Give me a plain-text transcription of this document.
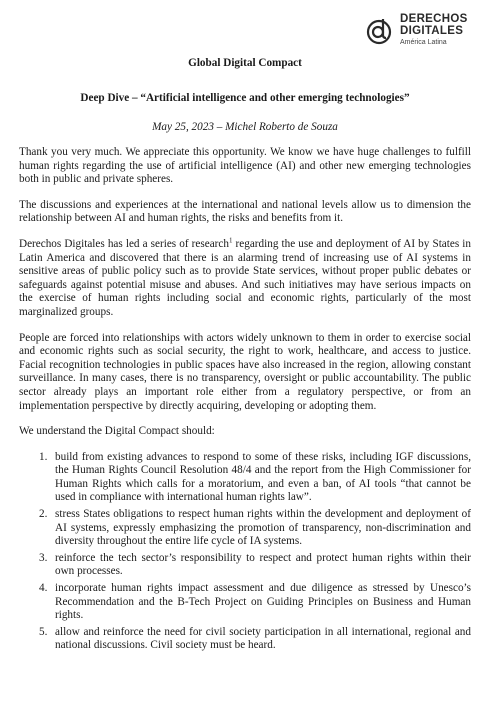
DERECHOS
DIGITALES
América Latina
Global Digital Compact
Deep Dive – “Artificial intelligence and other emerging technologies”
May 25, 2023 – Michel Roberto de Souza

Thank you very much. We appreciate this opportunity. We know we have huge challenges to fulfill human rights regarding the use of artificial intelligence (AI) and other new emerging technologies both in public and private spheres.

The discussions and experiences at the international and national levels allow us to dimension the relationship between AI and human rights, the risks and benefits from it.

Derechos Digitales has led a series of research$^1$ regarding the use and deployment of AI by States in Latin America and discovered that there is an alarming trend of increasing use of AI systems in sensitive areas of public policy such as to provide State services, without proper public debates or safeguards against potential misuse and abuses. And such initiatives may have serious impacts on the exercise of human rights including social and economic rights, particularly of the most marginalized groups.

People are forced into relationships with actors widely unknown to them in order to exercise social and economic rights such as social security, the right to work, healthcare, and access to justice. Facial recognition technologies in public spaces have also increased in the region, allowing constant surveillance. In many cases, there is no transparency, oversight or public accountability. The public sector already plays an important role either from a regulatory perspective, or from an implementation perspective by directly acquiring, developing or adopting them.

We understand the Digital Compact should:

1. build from existing advances to respond to some of these risks, including IGF discussions, the Human Rights Council Resolution 48/4 and the report from the High Commissioner for Human Rights which calls for a moratorium, and even a ban, of AI tools “that cannot be used in compliance with international human rights law”.
2. stress States obligations to respect human rights within the development and deployment of AI systems, expressly emphasizing the promotion of transparency, non-discrimination and diversity throughout the entire life cycle of IA systems.
3. reinforce the tech sector’s responsibility to respect and protect human rights within their own processes.
4. incorporate human rights impact assessment and due diligence as stressed by Unesco’s Recommendation and the B-Tech Project on Guiding Principles on Business and Human rights.
5. allow and reinforce the need for civil society participation in all international, regional and national discussions. Civil society must be heard.
